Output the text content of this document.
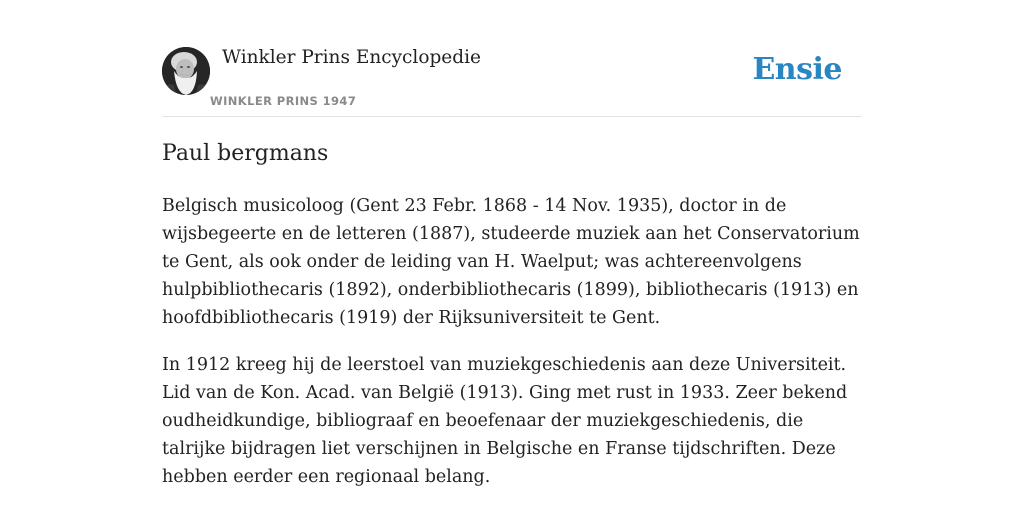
Winkler Prins Encyclopedie
WINKLER PRINS 1947
Ensie
Paul bergmans

Belgisch musicoloog (Gent 23 Febr. 1868 - 14 Nov. 1935), doctor in de wijsbegeerte en de letteren (1887), studeerde muziek aan het Conservatorium te Gent, als ook onder de leiding van H. Waelput; was achtereenvolgens hulpbibliothecaris (1892), onderbibliothecaris (1899), bibliothecaris (1913) en hoofdbibliothecaris (1919) der Rijksuniversiteit te Gent.

In 1912 kreeg hij de leerstoel van muziekgeschiedenis aan deze Universiteit. Lid van de Kon. Acad. van België (1913). Ging met rust in 1933. Zeer bekend oudheidkundige, bibliograaf en beoefenaar der muziekgeschiedenis, die talrijke bijdragen liet verschijnen in Belgische en Franse tijdschriften. Deze hebben eerder een regionaal belang.
